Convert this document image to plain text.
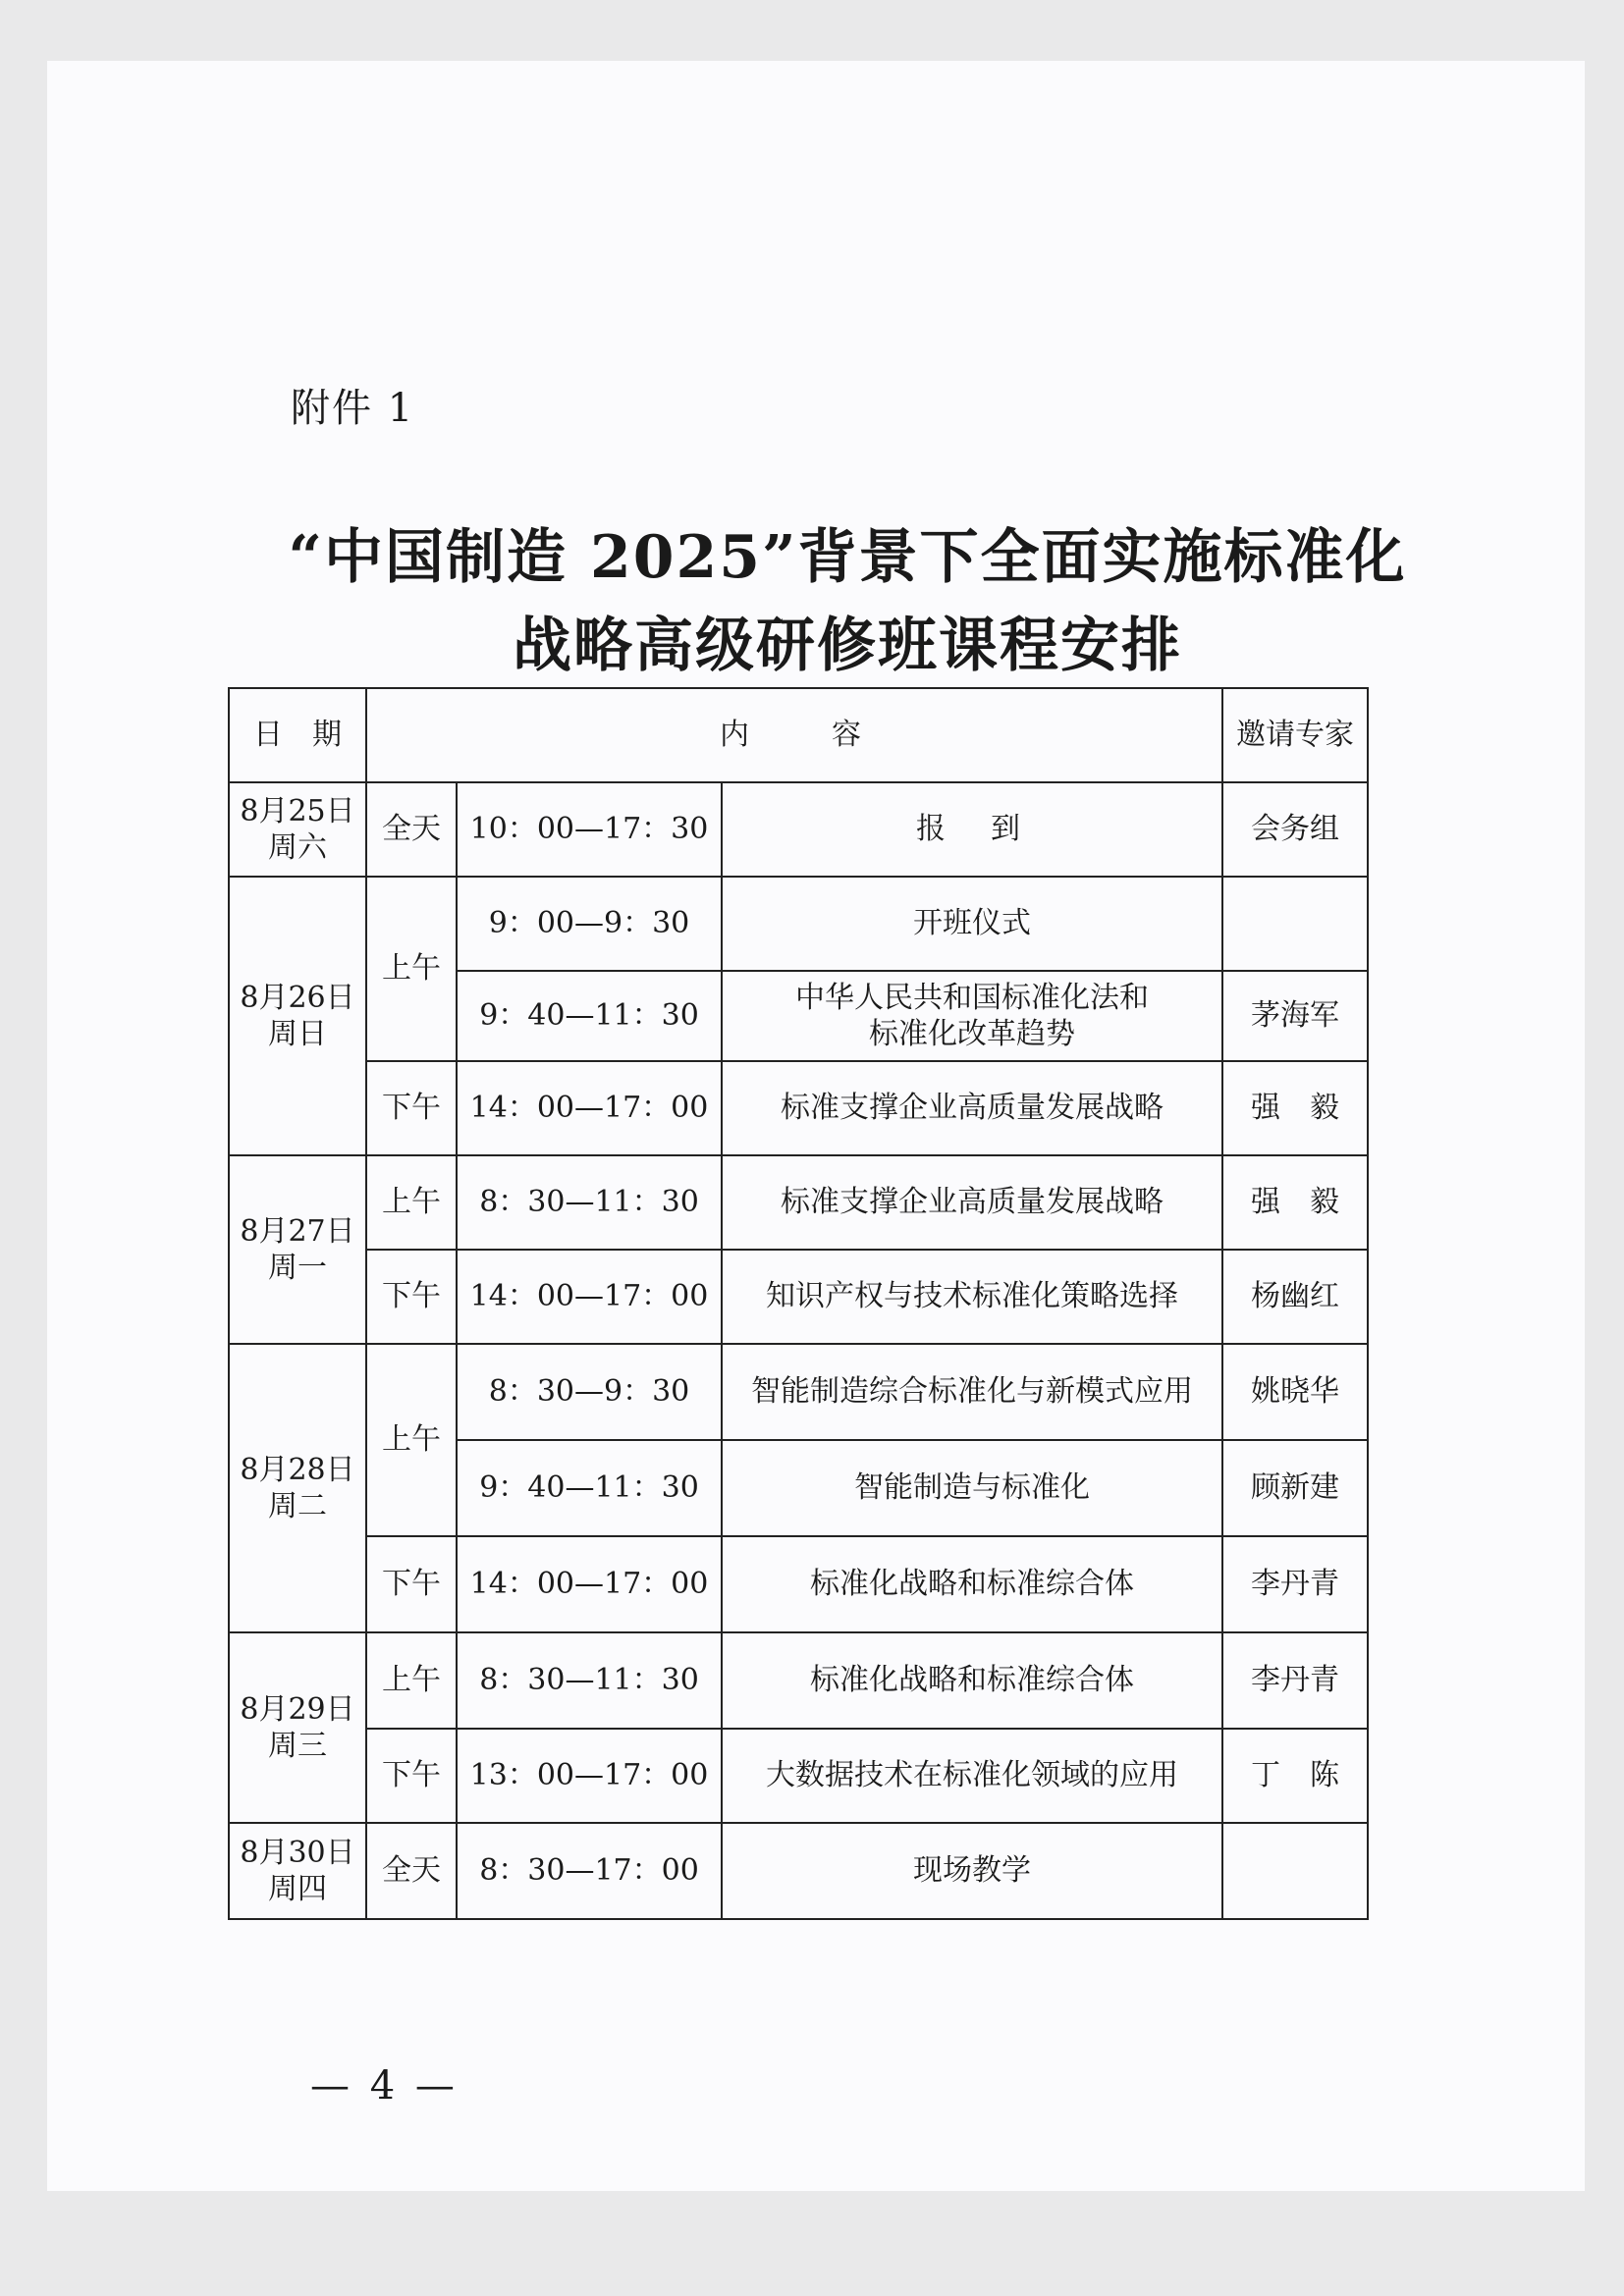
附件 1
“中国制造 2025”背景下全面实施标准化
战略高级研修班课程安排
— 4 —
日　期	内　　容			邀请专家

8月25日
周六	全天	10：00—17：30	报　到	会务组

8月26日
周日	上午	9：00—9：30	开班仪式	
		9：40—11：30	中华人民共和国标准化法和
标准化改革趋势	茅海军
	下午	14：00—17：00	标准支撑企业高质量发展战略	强　毅

8月27日
周一	上午	8：30—11：30	标准支撑企业高质量发展战略	强　毅
	下午	14：00—17：00	知识产权与技术标准化策略选择	杨幽红

8月28日
周二	上午	8：30—9：30	智能制造综合标准化与新模式应用	姚晓华
		9：40—11：30	智能制造与标准化	顾新建
	下午	14：00—17：00	标准化战略和标准综合体	李丹青

8月29日
周三	上午	8：30—11：30	标准化战略和标准综合体	李丹青
	下午	13：00—17：00	大数据技术在标准化领域的应用	丁　陈

8月30日
周四	全天	8：30—17：00	现场教学	
